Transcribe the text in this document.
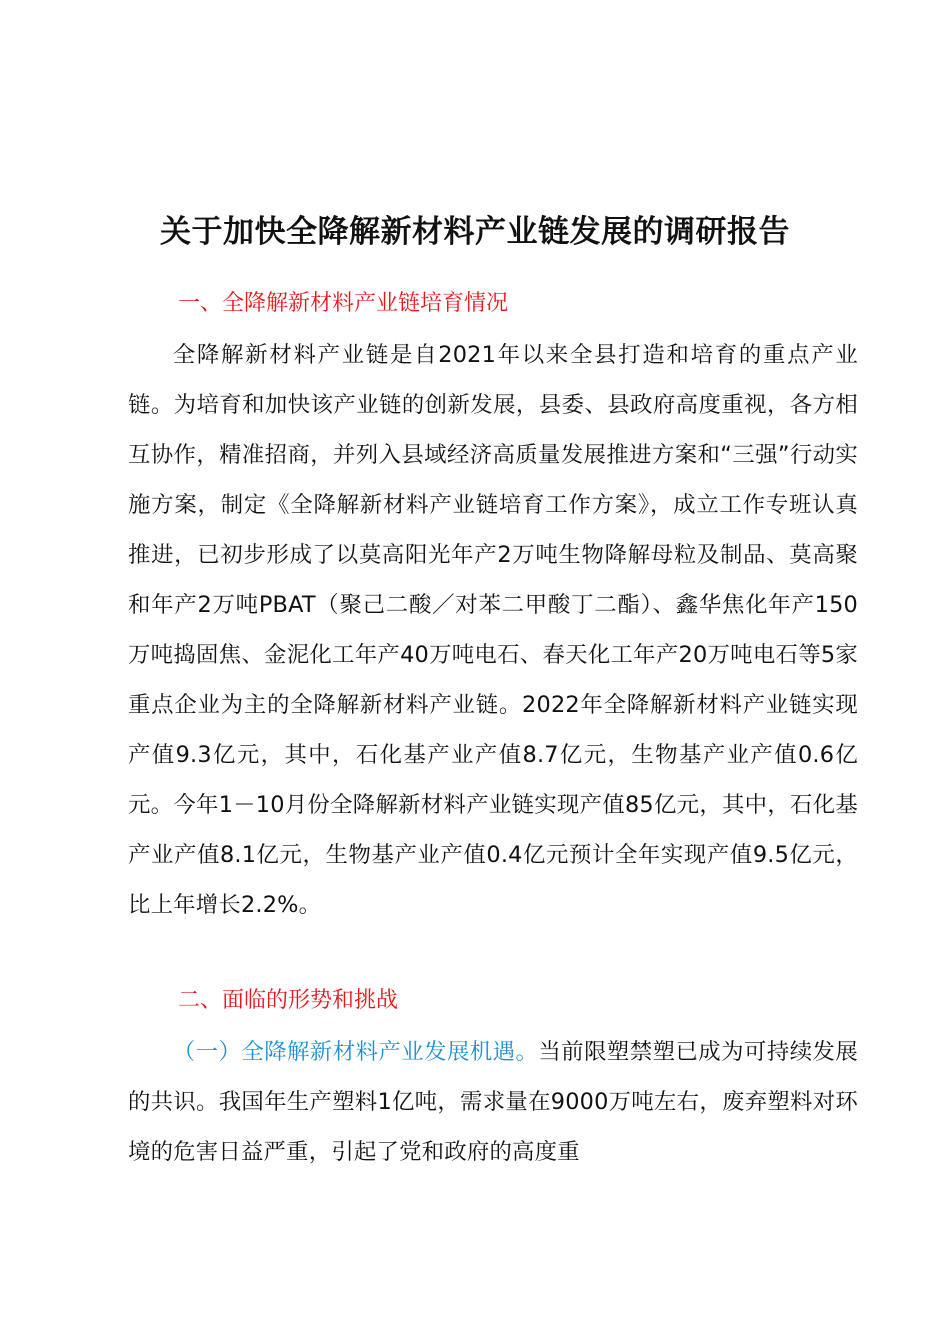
关于加快全降解新材料产业链发展的调研报告
一、全降解新材料产业链培育情况
全降解新材料产业链是自2021年以来全县打造和培育的重点产业链。为培育和加快该产业链的创新发展，县委、县政府高度重视，各方相互协作，精准招商，并列入县域经济高质量发展推进方案和“三强”行动实施方案，制定《全降解新材料产业链培育工作方案》，成立工作专班认真推进，已初步形成了以莫高阳光年产2万吨生物降解母粒及制品、莫高聚和年产2万吨PBAT（聚己二酸／对苯二甲酸丁二酯）、鑫华焦化年产150万吨捣固焦、金泥化工年产40万吨电石、春天化工年产20万吨电石等5家重点企业为主的全降解新材料产业链。2022年全降解新材料产业链实现产值9.3亿元，其中，石化基产业产值8.7亿元，生物基产业产值0.6亿元。今年1－10月份全降解新材料产业链实现产值85亿元，其中，石化基产业产值8.1亿元，生物基产业产值0.4亿元预计全年实现产值9.5亿元，比上年增长2.2%。
二、面临的形势和挑战
（一）全降解新材料产业发展机遇。当前限塑禁塑已成为可持续发展的共识。我国年生产塑料1亿吨，需求量在9000万吨左右，废弃塑料对环境的危害日益严重，引起了党和政府的高度重
